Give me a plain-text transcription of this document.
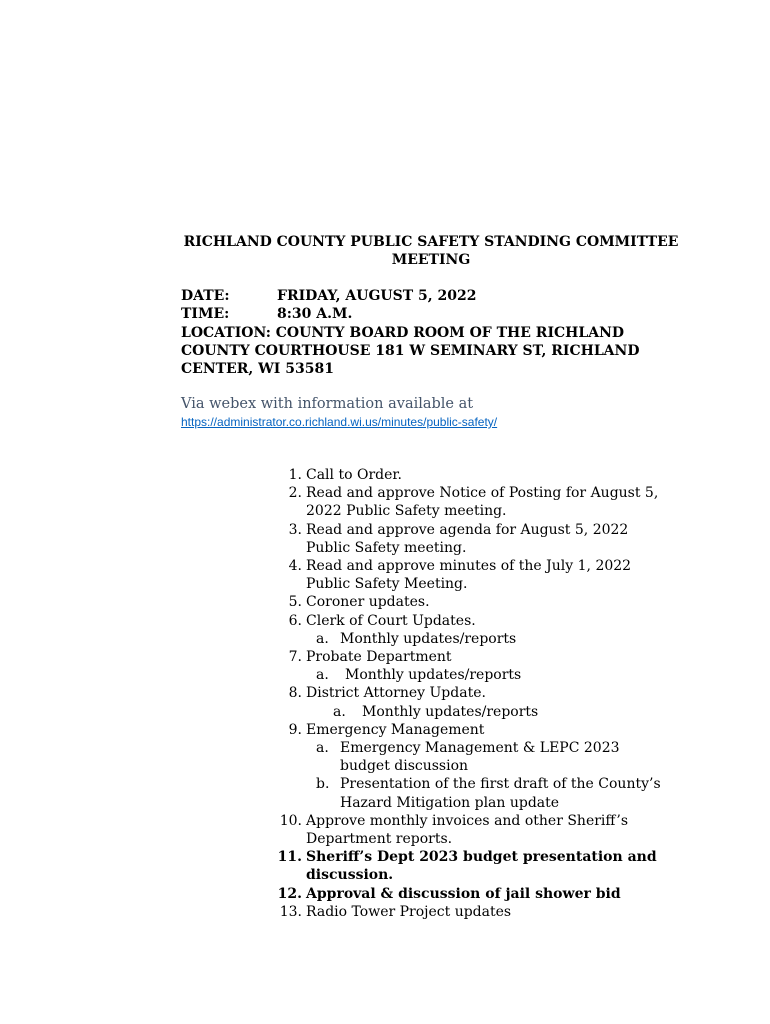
RICHLAND COUNTY PUBLIC SAFETY STANDING COMMITTEE
MEETING
DATE:	FRIDAY, AUGUST 5, 2022
TIME:	8:30 A.M.
LOCATION: COUNTY BOARD ROOM OF THE RICHLAND
COUNTY COURTHOUSE 181 W SEMINARY ST, RICHLAND
CENTER, WI 53581
Via webex with information available at
https://administrator.co.richland.wi.us/minutes/public-safety/
1. Call to Order.
2. Read and approve Notice of Posting for August 5,
2022 Public Safety meeting.
3. Read and approve agenda for August 5, 2022
Public Safety meeting.
4. Read and approve minutes of the July 1, 2022
Public Safety Meeting.
5. Coroner updates.
6. Clerk of Court Updates.
a. Monthly updates/reports
7. Probate Department
a. Monthly updates/reports
8. District Attorney Update.
a. Monthly updates/reports
9. Emergency Management
a. Emergency Management & LEPC 2023
budget discussion
b. Presentation of the first draft of the County’s
Hazard Mitigation plan update
10. Approve monthly invoices and other Sheriff’s
Department reports.
11. Sheriff’s Dept 2023 budget presentation and
discussion.
12. Approval & discussion of jail shower bid
13. Radio Tower Project updates
